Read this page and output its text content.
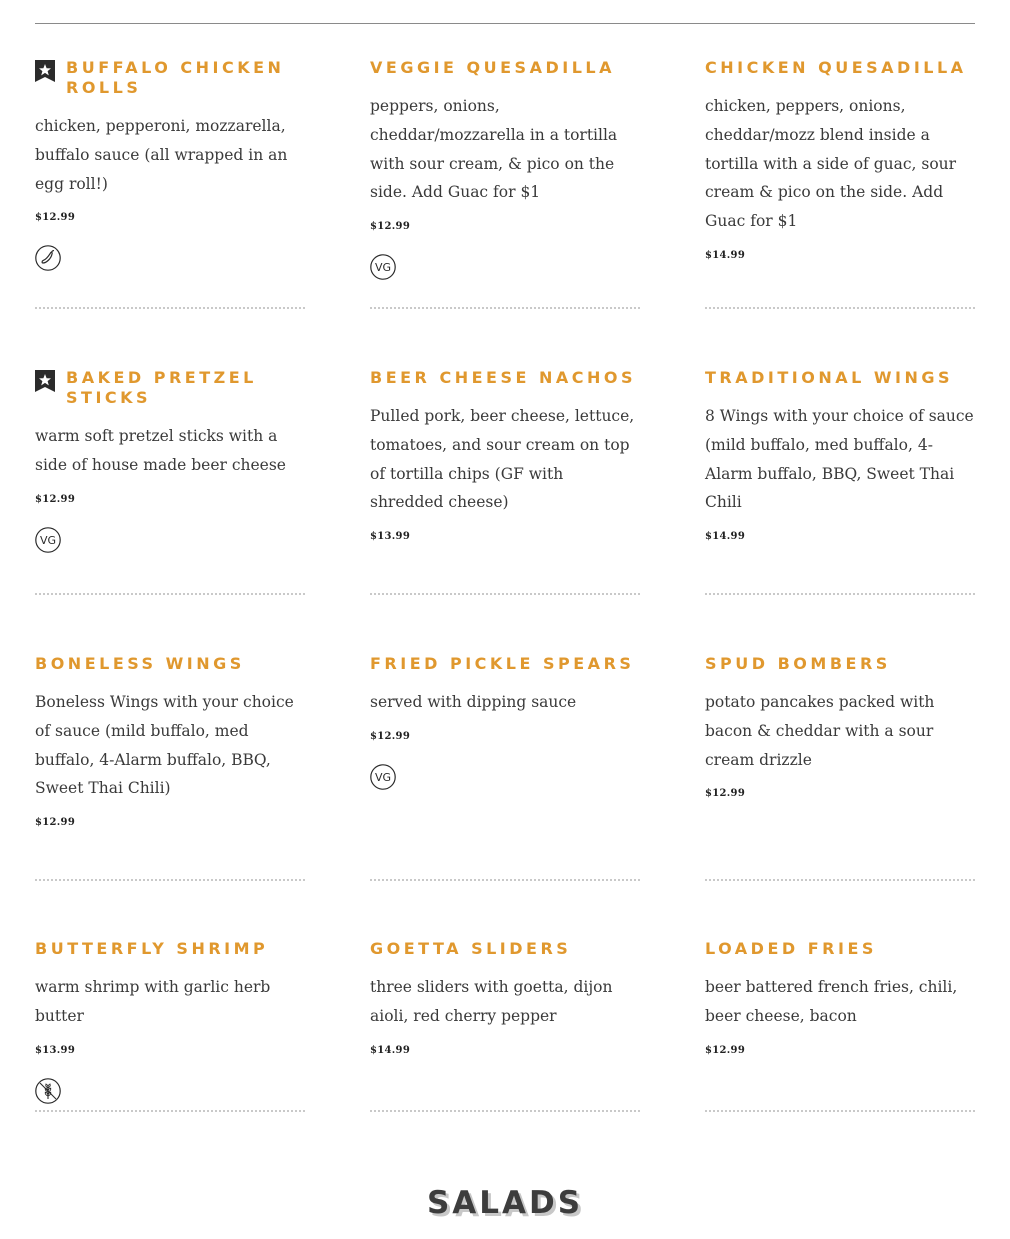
BUFFALO CHICKEN ROLLS

chicken, pepperoni, mozzarella, buffalo sauce (all wrapped in an egg roll!)

$12.99
VEGGIE QUESADILLA

peppers, onions, cheddar/mozzarella in a tortilla with sour cream, & pico on the side. Add Guac for $1

$12.99
VG
CHICKEN QUESADILLA

chicken, peppers, onions, cheddar/mozz blend inside a tortilla with a side of guac, sour cream & pico on the side. Add Guac for $1

$14.99
BAKED PRETZEL STICKS

warm soft pretzel sticks with a side of house made beer cheese

$12.99
VG
BEER CHEESE NACHOS

Pulled pork, beer cheese, lettuce, tomatoes, and sour cream on top of tortilla chips (GF with shredded cheese)

$13.99
TRADITIONAL WINGS

8 Wings with your choice of sauce (mild buffalo, med buffalo, 4-Alarm buffalo, BBQ, Sweet Thai Chili

$14.99
BONELESS WINGS

Boneless Wings with your choice of sauce (mild buffalo, med buffalo, 4-Alarm buffalo, BBQ, Sweet Thai Chili)

$12.99
FRIED PICKLE SPEARS

served with dipping sauce

$12.99
VG
SPUD BOMBERS

potato pancakes packed with bacon & cheddar with a sour cream drizzle

$12.99
BUTTERFLY SHRIMP

warm shrimp with garlic herb butter

$13.99
GOETTA SLIDERS

three sliders with goetta, dijon aioli, red cherry pepper

$14.99
LOADED FRIES

beer battered french fries, chili, beer cheese, bacon

$12.99
SALADS
